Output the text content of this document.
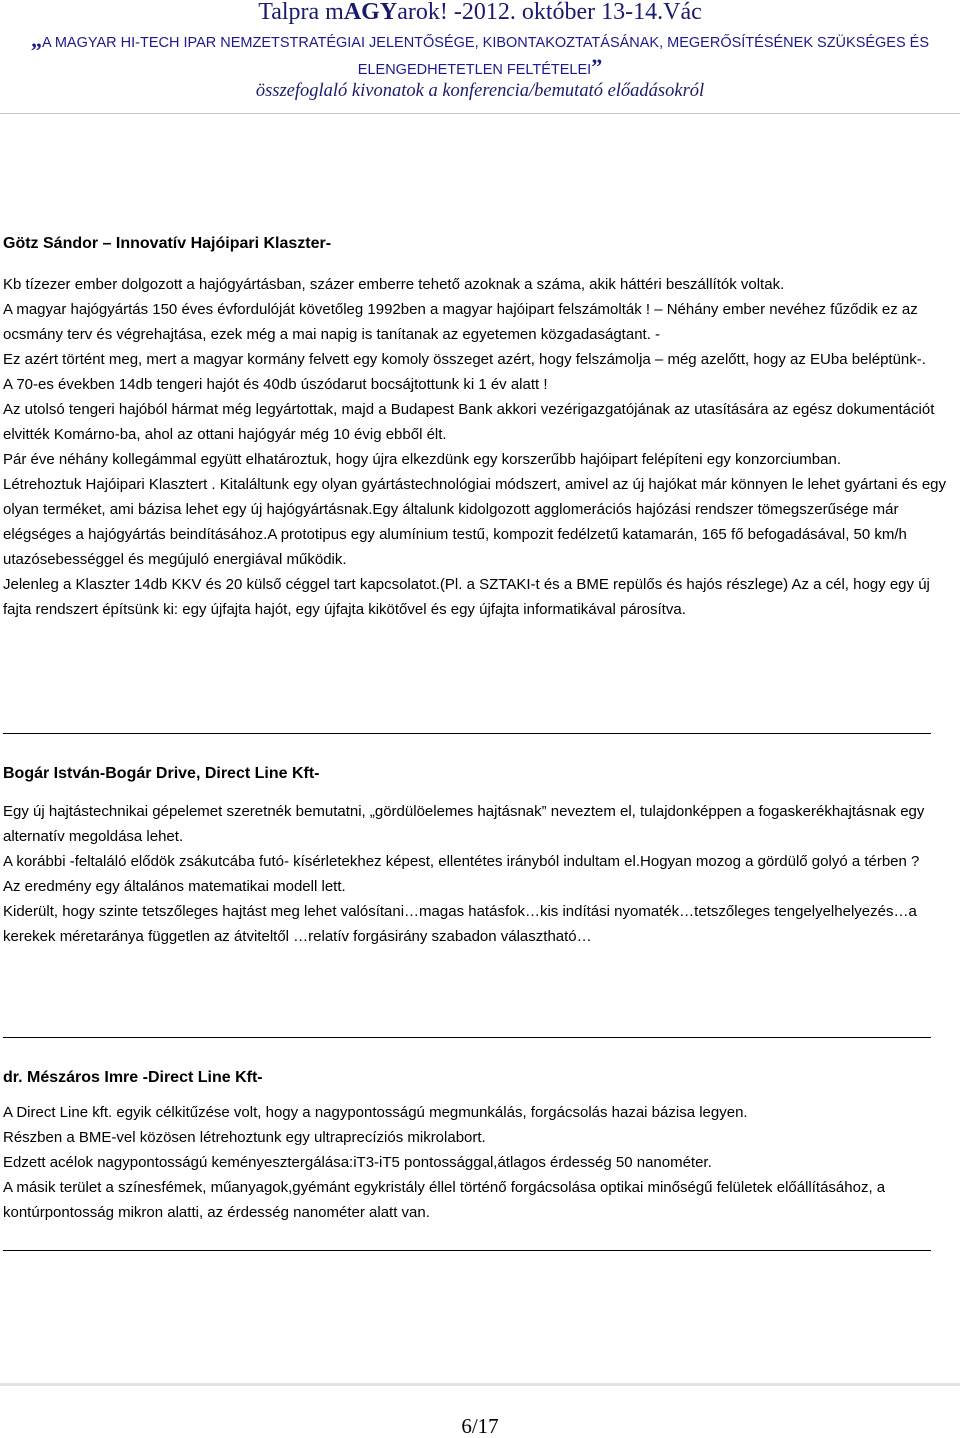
Talpra mAGYarok! -2012. október 13-14.Vác
„A MAGYAR HI-TECH IPAR NEMZETSTRATÉGIAI JELENTŐSÉGE, KIBONTAKOZTATÁSÁNAK, MEGERŐSÍTÉSÉNEK SZÜKSÉGES ÉS
ELENGEDHETETLEN FELTÉTELEI”
összefoglaló kivonatok a konferencia/bemutató előadásokról
Götz Sándor – Innovatív Hajóipari Klaszter-

Kb tízezer ember dolgozott a hajógyártásban, százer emberre tehető azoknak a száma, akik háttéri beszállítók voltak.

A magyar hajógyártás 150 éves évfordulóját követőleg 1992ben a magyar hajóipart felszámolták ! – Néhány ember nevéhez fűződik ez az ocsmány terv és végrehajtása, ezek még a mai napig is tanítanak az egyetemen közgadaságtant. -

Ez azért történt meg, mert a magyar kormány felvett egy komoly összeget azért, hogy felszámolja – még azelőtt, hogy az EUba beléptünk-.

A 70-es években 14db tengeri hajót és 40db úszódarut bocsájtottunk ki 1 év alatt !

Az utolsó tengeri hajóból hármat még legyártottak, majd a Budapest Bank akkori vezérigazgatójának az utasítására az egész dokumentációt elvitték Komárno-ba, ahol az ottani hajógyár még 10 évig ebből élt.

Pár éve néhány kollegámmal együtt elhatároztuk, hogy újra elkezdünk egy korszerűbb hajóipart felépíteni egy konzorciumban.

Létrehoztuk Hajóipari Klasztert . Kitaláltunk egy olyan gyártástechnológiai módszert, amivel az új hajókat már könnyen le lehet gyártani és egy olyan terméket, ami bázisa lehet egy új hajógyártásnak.Egy általunk kidolgozott agglomerációs hajózási rendszer tömegszerűsége már elégséges a hajógyártás beindításához.A prototipus egy alumínium testű, kompozit fedélzetű katamarán, 165 fő befogadásával, 50 km/h utazósebességgel és megújuló energiával működik.

Jelenleg a Klaszter 14db KKV és 20 külső céggel tart kapcsolatot.(Pl. a SZTAKI-t és a BME repülős és hajós részlege) Az a cél, hogy egy új fajta rendszert építsünk ki: egy újfajta hajót, egy újfajta kikötővel és egy újfajta informatikával párosítva.

Bogár István-Bogár Drive, Direct Line Kft-

Egy új hajtástechnikai gépelemet szeretnék bemutatni, „gördülöelemes hajtásnak” neveztem el, tulajdonképpen a fogaskerékhajtásnak egy alternatív megoldása lehet.

A korábbi -feltaláló elődök zsákutcába futó- kísérletekhez képest, ellentétes irányból indultam el.Hogyan mozog a gördülő golyó a térben ?

Az eredmény egy általános matematikai modell lett.

Kiderült, hogy szinte tetszőleges hajtást meg lehet valósítani…magas hatásfok…kis indítási nyomaték…tetszőleges tengelyelhelyezés…a kerekek méretaránya független az átviteltől …relatív forgásirány szabadon választható…

dr. Mészáros Imre -Direct Line Kft-

A Direct Line kft. egyik célkitűzése volt, hogy a nagypontosságú megmunkálás, forgácsolás hazai bázisa legyen.

Részben a BME-vel közösen létrehoztunk egy ultraprecíziós mikrolabort.

Edzett acélok nagypontosságú keményesztergálása:iT3-iT5 pontossággal,átlagos érdesség 50 nanométer.

A másik terület a színesfémek, műanyagok,gyémánt egykristály éllel történő forgácsolása optikai minőségű felületek előállításához, a kontúrpontosság mikron alatti, az érdesség nanométer alatt van.

6/17
